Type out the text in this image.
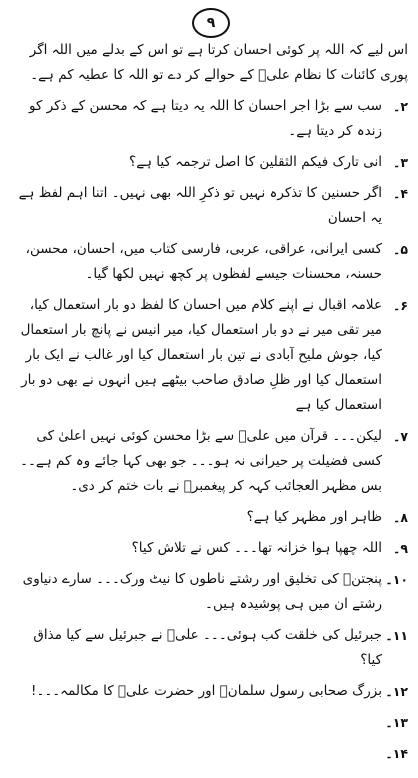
۹

اس لیے کہ اللہ پر کوئی احسان کرتا ہے تو اس کے بدلے میں اللہ اگر پوری کائنات کا نظام علیؑ کے حوالے کر دے تو اللہ کا عطیہ کم ہے۔

۲۔
سب سے بڑا اجر احسان کا اللہ یہ دیتا ہے کہ محسن کے ذکر کو زندہ کر دیتا ہے۔
۳۔
انی تارک فیکم الثقلین کا اصل ترجمہ کیا ہے؟
۴۔
اگر حسنین کا تذکرہ نہیں تو ذکرِ اللہ بھی نہیں۔ اتنا اہم لفظ ہے یہ احسان
۵۔
کسی ایرانی، عراقی، عربی، فارسی کتاب میں، احسان، محسن، حسنہ، محسنات جیسے لفظوں پر کچھ نہیں لکھا گیا۔
۶۔
علامہ اقبال نے اپنے کلام میں احسان کا لفظ دو بار استعمال کیا، میر تقی میر نے دو بار استعمال کیا، میر انیس نے پانچ بار استعمال کیا، جوش ملیح آبادی نے تین بار استعمال کیا اور غالب نے ایک بار استعمال کیا اور ظلِ صادق صاحب بیٹھے ہیں انہوں نے بھی دو بار استعمال کیا ہے
۷۔
لیکن۔۔۔ قرآن میں علیؑ سے بڑا محسن کوئی نہیں اعلیٰ کی کسی فضیلت پر حیرانی نہ ہو۔۔۔ جو بھی کہا جائے وہ کم ہے۔۔ بس مظہر العجائب کہہ کر پیغمبرؐ نے بات ختم کر دی۔
۸۔
ظاہر اور مظہر کیا ہے؟
۹۔
اللہ چھپا ہوا خزانہ تھا۔۔۔ کس نے تلاش کیا؟
۱۰۔
پنجتنؑ کی تخلیق اور رشتے ناطوں کا نیٹ ورک۔۔۔ سارے دنیاوی رشتے ان میں ہی پوشیدہ ہیں۔
۱۱۔
جبرئیل کی خلقت کب ہوئی۔۔۔ علیؑ نے جبرئیل سے کیا مذاق کیا؟
۱۲۔
بزرگ صحابی رسول سلمانؓ اور حضرت علیؑ کا مکالمہ۔۔۔!
۱۳۔
۱۴۔
